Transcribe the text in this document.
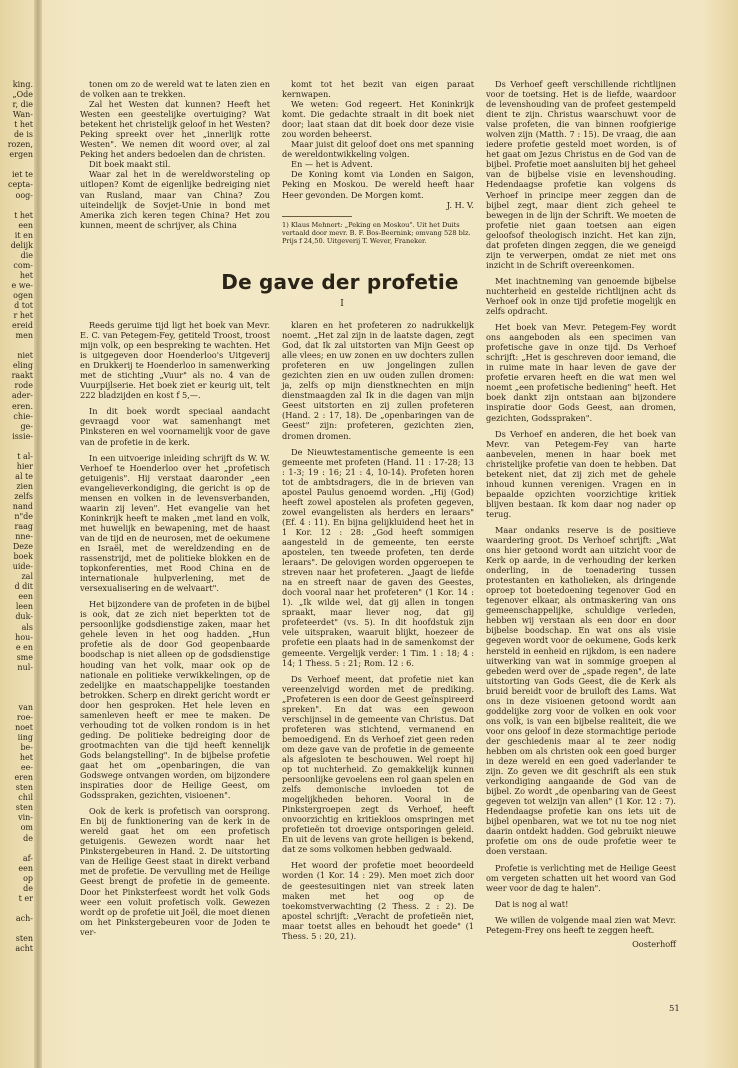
king.
„Ode
r, die
Wan-
t het
de is
rozen,
ergen

iet te
cepta-
oog-

t het
een
it en
delijk
die
com-
het
e we-
ogen
d tot
r het
ereid
men

niet
eling
raakt
rode
ader-
eren.
chie-
ge-
issie-

t al-
hier
al te
zien
zelfs
nand
n"de
raag
nne-
Deze
boek
uide-
zal
d dit
een
leen
duk-
als
hou-
e en
sme
nul-

van
roe-
noet
iing
be-
het
ee-
eren
sten
chil
sten
vin-
om
de

af-
een
op
de
t er

ach-

sten
acht

tonen om zo de wereld wat te laten zien en de volken aan te trekken.

Zal het Westen dat kunnen? Heeft het Westen een geestelijke overtuiging? Wat betekent het christelijk geloof in het Westen? Peking spreekt over het „innerlijk rotte Westen". We nemen dit woord over, al zal Peking het anders bedoelen dan de christen.

Dit boek maakt stil.

Waar zal het in de wereldworsteling op uitlopen? Komt de eigenlijke bedreiging niet van Rusland, maar van China? Zou uiteindelijk de Sovjet-Unie in bond met Amerika zich keren tegen China? Het zou kunnen, meent de schrijver, als China

komt tot het bezit van eigen paraat kernwapen.

We weten: God regeert. Het Koninkrijk komt. Die gedachte straalt in dit boek niet door; laat staan dat dit boek door deze visie zou worden beheerst.

Maar juist dit geloof doet ons met spanning de wereldontwikkeling volgen.

En — het is Advent.

De Koning komt via Londen en Saigon, Peking en Moskou. De wereld heeft haar Heer gevonden. De Morgen komt.

J. H. V.
1) Klaus Mehnert: „Peking en Moskou". Uit het Duits vertaald door mevr. B. F. Bos-Beernink; omvang 528 blz. Prijs f 24,50. Uitgeverij T. Wever, Franeker.
De gave der profetie
I

Reeds geruime tijd ligt het boek van Mevr. E. C. van Petegem-Fey, getiteld Troost, troost mijn volk, op een bespreking te wachten. Het is uitgegeven door Hoenderloo's Uitgeverij en Drukkerij te Hoenderloo in samenwerking met de stichting „Vuur" als no. 4 van de Vuurpijlserie. Het boek ziet er keurig uit, telt 222 bladzijden en kost f 5,—.

In dit boek wordt speciaal aandacht gevraagd voor wat samenhangt met Pinksteren en wel voornamelijk voor de gave van de profetie in de kerk.

In een uitvoerige inleiding schrijft ds W. W. Verhoef te Hoenderloo over het „profetisch getuigenis". Hij verstaat daaronder „een evangelieverkondiging, die gericht is op de mensen en volken in de levensverbanden, waarin zij leven". Het evangelie van het Koninkrijk heeft te maken „met land en volk, met huwelijk en bewapening, met de haast van de tijd en de neurosen, met de oekumene en Israël, met de wereldzending en de rassenstrijd, met de politieke blokken en de topkonferenties, met Rood China en de internationale hulpverlening, met de versexualisering en de welvaart".

Het bijzondere van de profeten in de bijbel is ook, dat ze zich niet beperkten tot de persoonlijke godsdienstige zaken, maar het gehele leven in het oog hadden. „Hun profetie als de door God geopenbaarde boodschap is niet alleen op de godsdienstige houding van het volk, maar ook op de nationale en politieke verwikkelingen, op de zedelijke en maatschappelijke toestanden betrokken. Scherp en direkt gericht wordt er door hen gesproken. Het hele leven en samenleven heeft er mee te maken. De verhouding tot de volken rondom is in het geding. De politieke bedreiging door de grootmachten van die tijd heeft kennelijk Gods belangstelling". In de bijbelse profetie gaat het om „openbaringen, die van Godswege ontvangen worden, om bijzondere inspiraties door de Heilige Geest, om Godsspraken, gezichten, visioenen".

Ook de kerk is profetisch van oorsprong. En bij de funktionering van de kerk in de wereld gaat het om een profetisch getuigenis. Gewezen wordt naar het Pinkstergebeuren in Hand. 2. De uitstorting van de Heilige Geest staat in direkt verband met de profetie. De vervulling met de Heilige Geest brengt de profetie in de gemeente. Door het Pinksterfeest wordt het volk Gods weer een voluit profetisch volk. Gewezen wordt op de profetie uit Joël, die moet dienen om het Pinkstergebeuren voor de Joden te ver-

klaren en het profeteren zo nadrukkelijk noemt. „Het zal zijn in de laatste dagen, zegt God, dat Ik zal uitstorten van Mijn Geest op alle vlees; en uw zonen en uw dochters zullen profeteren en uw jongelingen zullen gezichten zien en uw ouden zullen dromen: ja, zelfs op mijn dienstknechten en mijn dienstmaagden zal Ik in die dagen van mijn Geest uitstorten en zij zullen profeteren (Hand. 2 : 17, 18). De „openbaringen van de Geest" zijn: profeteren, gezichten zien, dromen dromen.

De Nieuwtestamentische gemeente is een gemeente met profeten (Hand. 11 : 17-28; 13 : 1-3; 19 : 16; 21 : 4, 10-14). Profeten horen tot de ambtsdragers, die in de brieven van apostel Paulus genoemd worden. „Hij (God) heeft zowel apostelen als profeten gegeven, zowel evangelisten als herders en leraars" (Ef. 4 : 11). En bijna gelijkluidend heet het in 1 Kor. 12 : 28: „God heeft sommigen aangesteld in de gemeente, ten eerste apostelen, ten tweede profeten, ten derde leraars". De gelovigen worden opgeroepen te streven naar het profeteren. „Jaagt de liefde na en streeft naar de gaven des Geestes, doch vooral naar het profeteren" (1 Kor. 14 : 1). „Ik wilde wel, dat gij allen in tongen spraakt, maar liever nog, dat gij profeteerdet" (vs. 5). In dit hoofdstuk zijn vele uitspraken, waaruit blijkt, hoezeer de profetie een plaats had in de samenkomst der gemeente. Vergelijk verder: 1 Tim. 1 : 18; 4 : 14; 1 Thess. 5 : 21; Rom. 12 : 6.

Ds Verhoef meent, dat profetie niet kan vereenzelvigd worden met de prediking. „Profeteren is een door de Geest geïnspireerd spreken". En dat was een gewoon verschijnsel in de gemeente van Christus. Dat profeteren was stichtend, vermanend en bemoedigend. En ds Verhoef ziet geen reden om deze gave van de profetie in de gemeente als afgesloten te beschouwen. Wel roept hij op tot nuchterheid. Zo gemakkelijk kunnen persoonlijke gevoelens een rol gaan spelen en zelfs demonische invloeden tot de mogelijkheden behoren. Vooral in de Pinkstergroepen zegt ds Verhoef, heeft onvoorzichtig en kritiekloos omspringen met profetieën tot droevige ontsporingen geleid. En uit de levens van grote heiligen is bekend, dat ze soms volkomen hebben gedwaald.

Het woord der profetie moet beoordeeld worden (1 Kor. 14 : 29). Men moet zich door de geestesuitingen niet van streek laten maken met het oog op de toekomstverwachting (2 Thess. 2 : 2). De apostel schrijft: „Veracht de profetieën niet, maar toetst alles en behoudt het goede" (1 Thess. 5 : 20, 21).

Ds Verhoef geeft verschillende richtlijnen voor de toetsing. Het is de liefde, waardoor de levenshouding van de profeet gestempeld dient te zijn. Christus waarschuwt voor de valse profeten, die van binnen roofgierige wolven zijn (Matth. 7 : 15). De vraag, die aan iedere profetie gesteld moet worden, is of het gaat om Jezus Christus en de God van de bijbel. Profetie moet aansluiten bij het geheel van de bijbelse visie en levenshouding. Hedendaagse profetie kan volgens ds Verhoef in principe meer zeggen dan de bijbel zegt, maar dient zich geheel te bewegen in de lijn der Schrift. We moeten de profetie niet gaan toetsen aan eigen geloofsof theologisch inzicht. Het kan zijn, dat profeten dingen zeggen, die we geneigd zijn te verwerpen, omdat ze niet met ons inzicht in de Schrift overeenkomen.

Met inachtneming van genoemde bijbelse nuchterheid en gestelde richtlijnen acht ds Verhoef ook in onze tijd profetie mogelijk en zelfs opdracht.

Het boek van Mevr. Petegem-Fey wordt ons aangeboden als een specimen van profetische gave in onze tijd. Ds Verhoef schrijft: „Het is geschreven door iemand, die in ruime mate in haar leven de gave der profetie ervaren heeft en die wat men wel noemt „een profetische bediening" heeft. Het boek dankt zijn ontstaan aan bijzondere inspiratie door Gods Geest, aan dromen, gezichten, Godsspraken".

Ds Verhoef en anderen, die het boek van Mevr. van Petegem-Fey van harte aanbevelen, menen in haar boek met christelijke profetie van doen te hebben. Dat betekent niet, dat zij zich met de gehele inhoud kunnen verenigen. Vragen en in bepaalde opzichten voorzichtige kritiek blijven bestaan. Ik kom daar nog nader op terug.

Maar ondanks reserve is de positieve waardering groot. Ds Verhoef schrijft: „Wat ons hier getoond wordt aan uitzicht voor de Kerk op aarde, in de verhouding der kerken onderling, in de toenadering tussen protestanten en katholieken, als dringende oproep tot boetedoening tegenover God en tegenover elkaar, als ontmaskering van ons gemeenschappelijke, schuldige verleden, hebben wij verstaan als een door en door bijbelse boodschap. En wat ons als visie gegeven wordt voor de oekumene, Gods kerk hersteld in eenheid en rijkdom, is een nadere uitwerking van wat in sommige groepen al gebeden werd over de „spade regen", de late uitstorting van Gods Geest, die de Kerk als bruid bereidt voor de bruiloft des Lams. Wat ons in deze visioenen getoond wordt aan goddelijke zorg voor de volken en ook voor ons volk, is van een bijbelse realiteit, die we voor ons geloof in deze stormachtige periode der geschiedenis maar al te zeer nodig hebben om als christen ook een goed burger in deze wereld en een goed vaderlander te zijn. Zo geven we dit geschrift als een stuk verkondiging aangaande de God van de bijbel. Zo wordt „de openbaring van de Geest gegeven tot welzijn van allen" (1 Kor. 12 : 7). Hedendaagse profetie kan ons iets uit de bijbel openbaren, wat we tot nu toe nog niet daarin ontdekt hadden. God gebruikt nieuwe profetie om ons de oude profetie weer te doen verstaan.

Profetie is verlichting met de Heilige Geest om vergeten schatten uit het woord van God weer voor de dag te halen".

Dat is nog al wat!

We willen de volgende maal zien wat Mevr. Petegem-Frey ons heeft te zeggen heeft.

Oosterhoff
51
